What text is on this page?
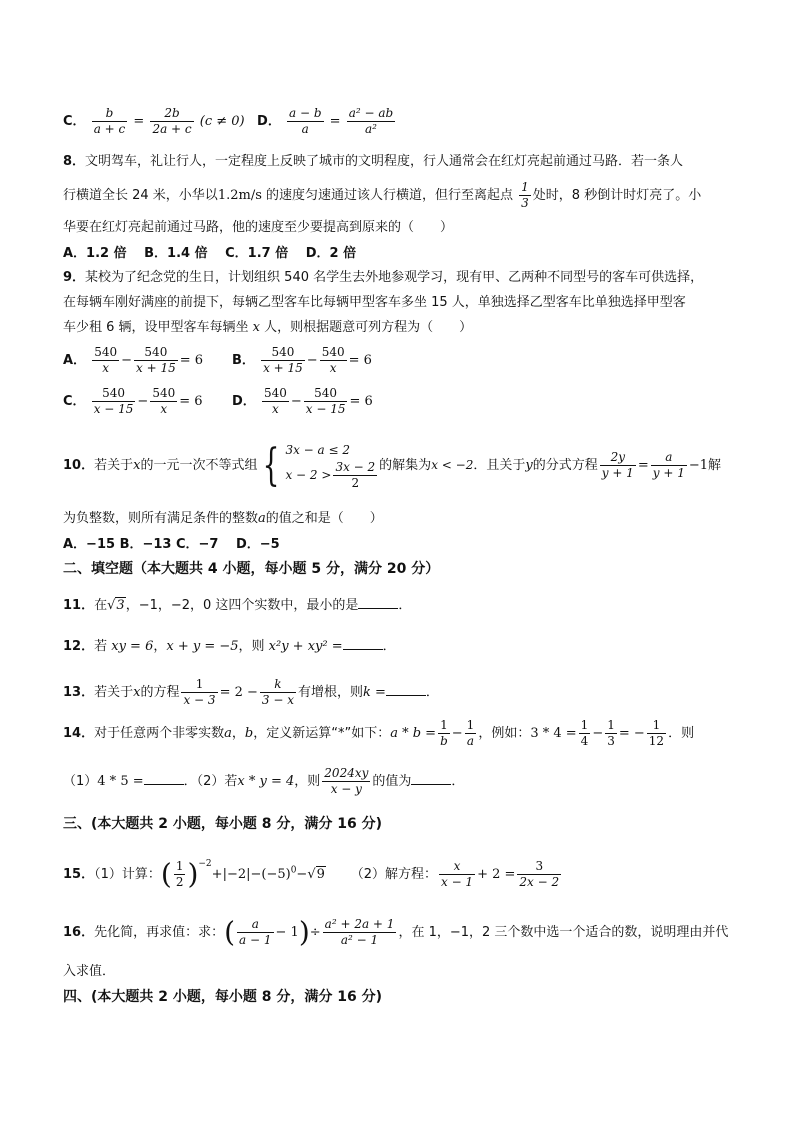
C． $\frac{b}{a + c} = \frac{2b}{2a + c} (c \ne 0)$ D． $\frac{a - b}{a} = \frac{\text{a² − ab}}{\text{a²}}$
8．文明驾车，礼让行人，一定程度上反映了城市的文明程度，行人通常会在红灯亮起前通过马路．若一条人
行横道全长 24 米，小华以1.2m/s 的速度匀速通过该人行横道，但行至离起点 $\frac{1}{3}$ 处时，8 秒倒计时灯亮了。小
华要在红灯亮起前通过马路，他的速度至少要提高到原来的（　　）
A．1.2 倍　 B．1.4 倍　 C．1.7 倍　 D．2 倍
9．某校为了纪念党的生日，计划组织 540 名学生去外地参观学习，现有甲、乙两种不同型号的客车可供选择，
在每辆车刚好满座的前提下，每辆乙型客车比每辆甲型客车多坐 15 人，单独选择乙型客车比单独选择甲型客
车少租 6 辆，设甲型客车每辆坐 x 人，则根据题意可列方程为（　　）
A． $\frac{540}{x} - \frac{540}{x + 15} = 6$ B． $\frac{540}{x + 15} - \frac{540}{x} = 6$
C． $\frac{540}{x - 15} - \frac{540}{x} = 6$ D． $\frac{540}{x} - \frac{540}{x - 15} = 6$
10．若关于x的一元一次不等式组 { 3x − a ≤ 2
$x - 2 > \frac{3x - 2}{2}$ 的解集为x < −2．且关于y的分式方程 $\frac{2y}{y + 1} = \frac{a}{y + 1} -1$解
为负整数，则所有满足条件的整数a的值之和是（　　）
A．−15 B．−13 C．−7　 D．−5
二、填空题（本大题共 4 小题，每小题 5 分，满分 20 分）
11．在√3，−1，−2，0 这四个实数中，最小的是	．
12．若 xy = 6，x + y = −5，则 x²y + xy² =	．
13．若关于x的方程 $\frac{1}{x - 3} = 2 - \frac{k}{3 - x}$ 有增根，则k =	．
14．对于任意两个非零实数a，b，定义新运算“*”如下：$a * b = \frac{1}{b} - \frac{1}{a}$ ，例如：$3 * 4 = \frac{1}{4} - \frac{1}{3}$ = − $\frac{1}{12}$ ．则
（1）4 * 5 =	．（2）若x * y = 4，则 $\frac{2024xy}{x - y}$ 的值为	．
三、(本大题共 2 小题，每小题 8 分，满分 16 分)
15．（1）计算：( $\frac{1}{2} )^{-2}+|-2|-(-5)^0-√9$ （2）解方程： $\frac{x}{x - 1} + 2 = \frac{3}{2x - 2}$
16．先化简，再求值：求：( $\frac{a}{a - 1} - 1)\div \frac{\text{a² + 2a + 1}}{\text{a² − 1}}$ ，在 1，−1，2 三个数中选一个适合的数，说明理由并代
入求值．
四、(本大题共 2 小题，每小题 8 分，满分 16 分)
